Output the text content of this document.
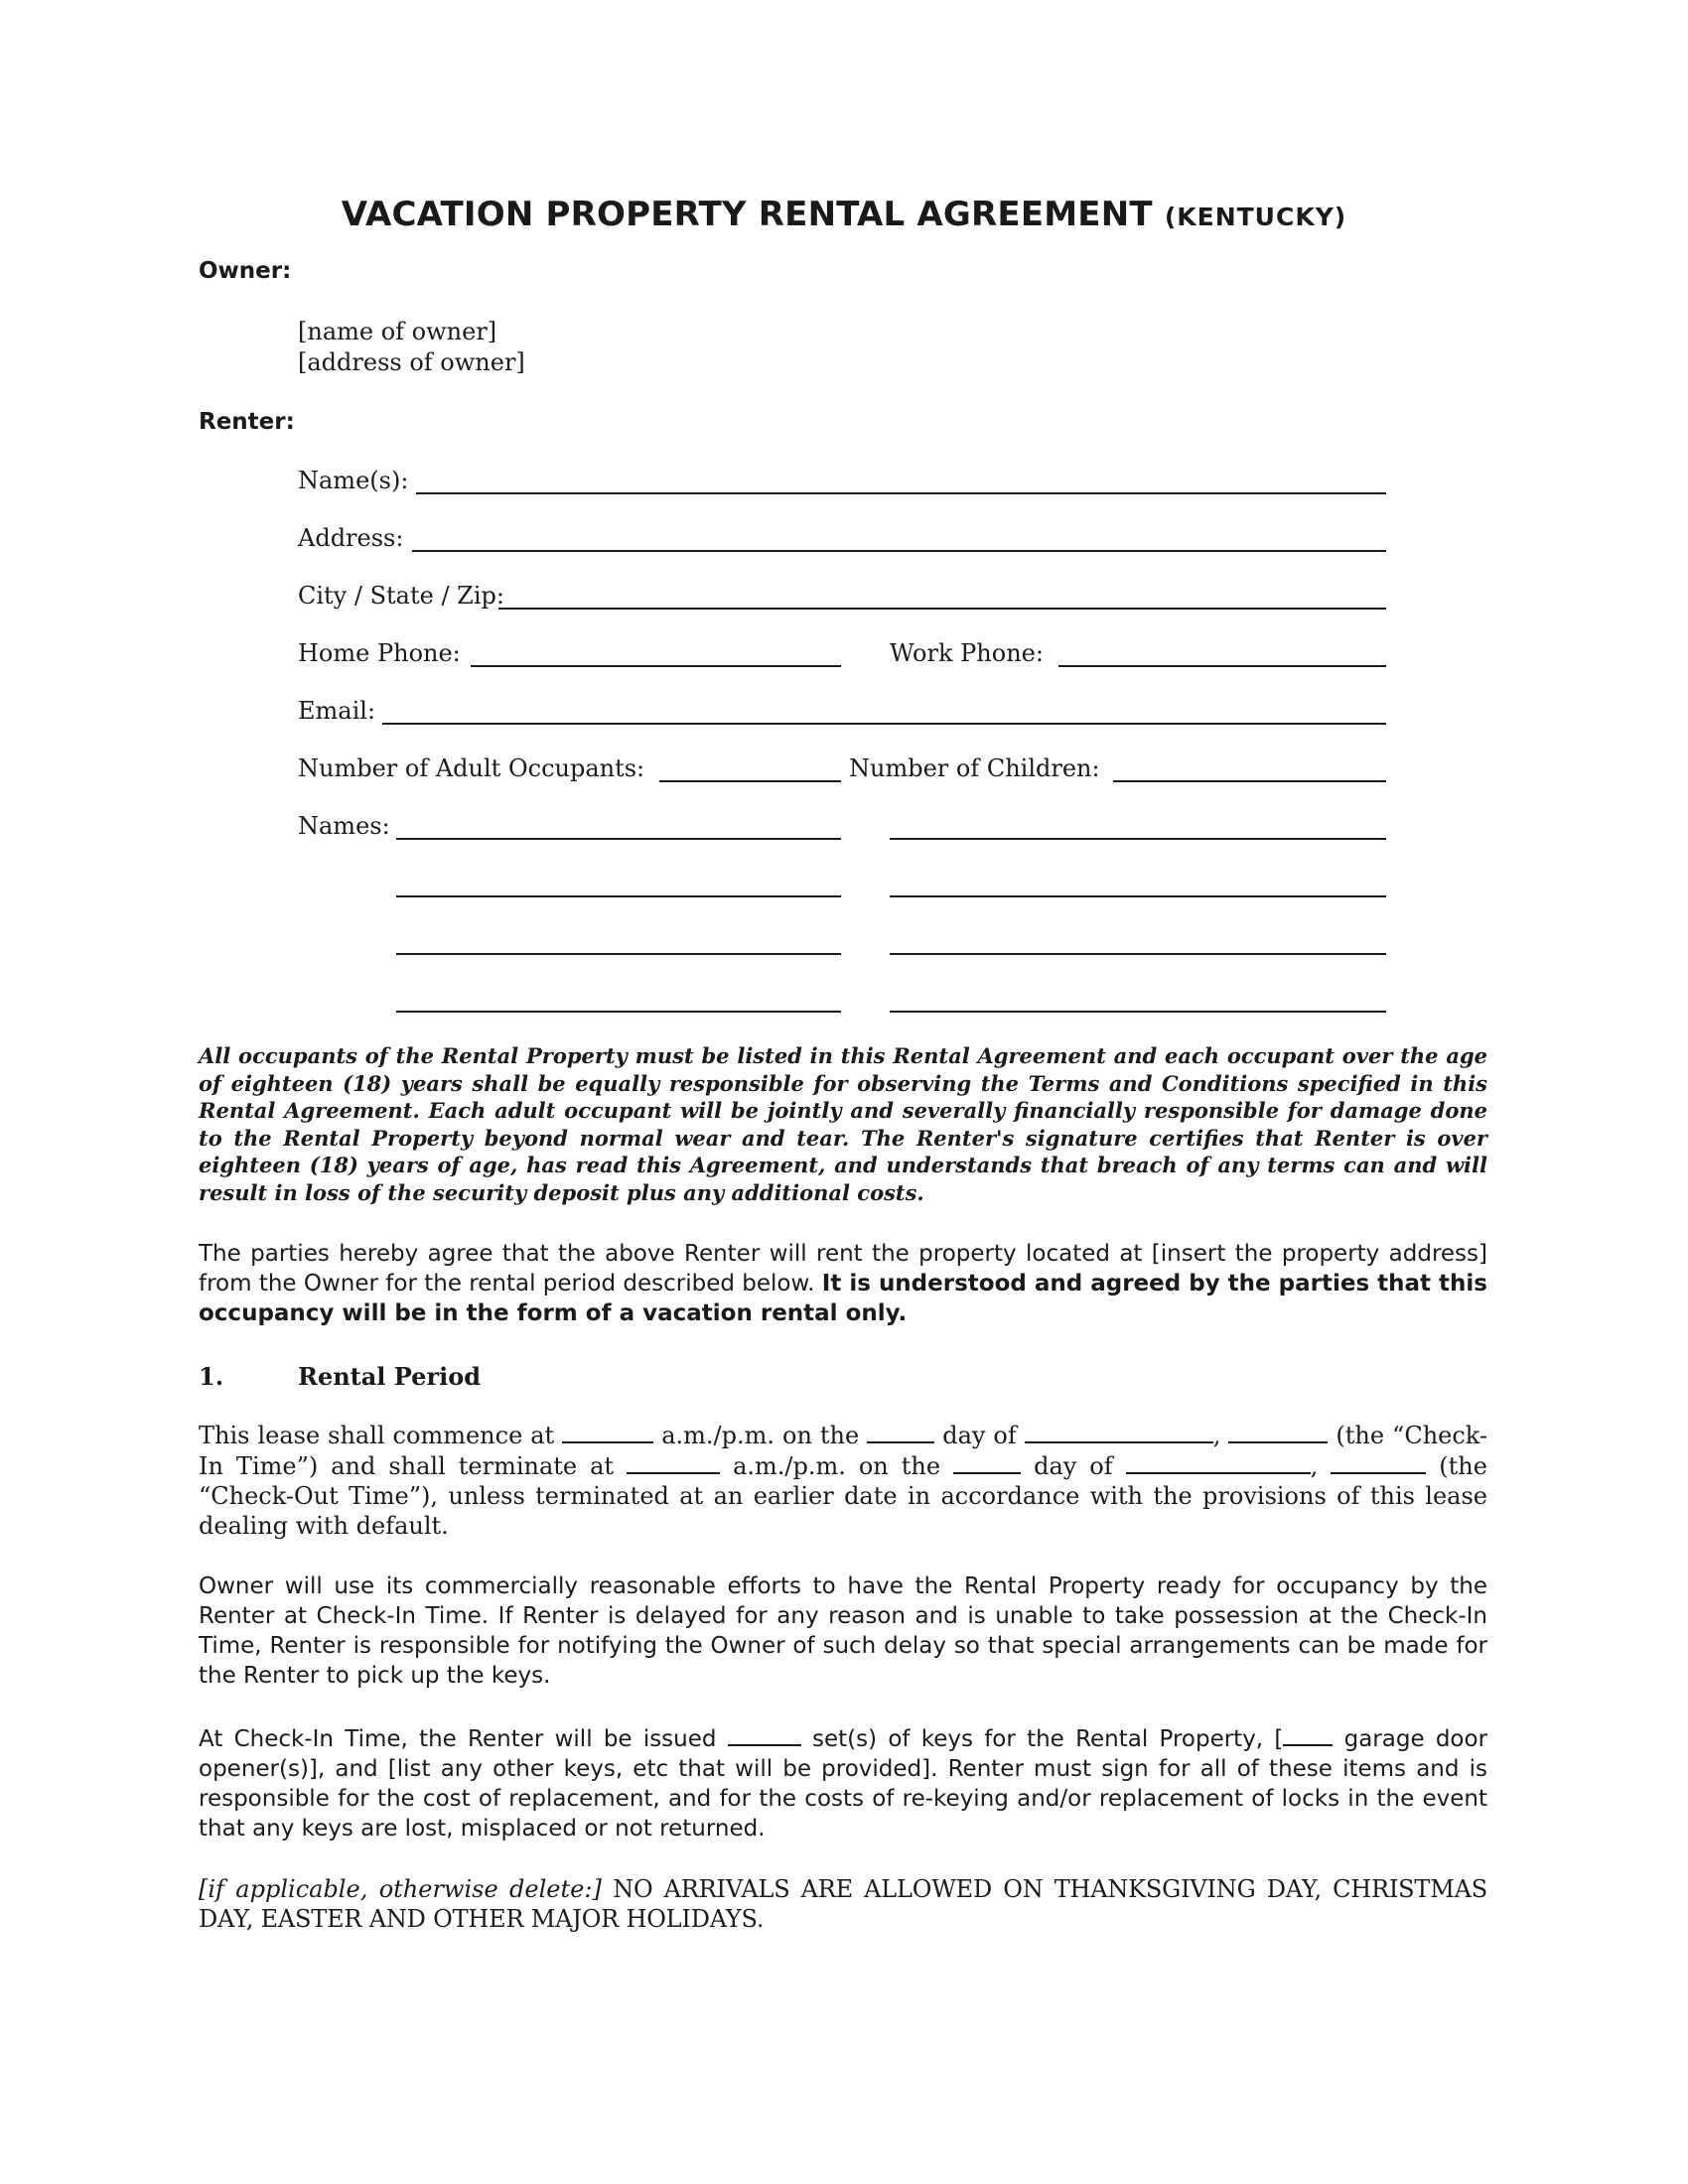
VACATION PROPERTY RENTAL AGREEMENT (KENTUCKY)
Owner:
[name of owner]
[address of owner]
Renter:
Name(s):
Address:
City / State / Zip:
Home Phone:	Work Phone:
Email:
Number of Adult Occupants:	Number of Children:
Names:

All occupants of the Rental Property must be listed in this Rental Agreement and each occupant over the age of eighteen (18) years shall be equally responsible for observing the Terms and Conditions specified in this Rental Agreement. Each adult occupant will be jointly and severally financially responsible for damage done to the Rental Property beyond normal wear and tear. The Renter's signature certifies that Renter is over eighteen (18) years of age, has read this Agreement, and understands that breach of any terms can and will result in loss of the security deposit plus any additional costs.

The parties hereby agree that the above Renter will rent the property located at [insert the property address] from the Owner for the rental period described below. It is understood and agreed by the parties that this occupancy will be in the form of a vacation rental only.

1.	Rental Period

This lease shall commence at	a.m./p.m. on the	day of	,	(the “Check-In Time”) and shall terminate at	a.m./p.m. on the	day of	,	(the “Check-Out Time”), unless terminated at an earlier date in accordance with the provisions of this lease dealing with default.

Owner will use its commercially reasonable efforts to have the Rental Property ready for occupancy by the Renter at Check-In Time. If Renter is delayed for any reason and is unable to take possession at the Check-In Time, Renter is responsible for notifying the Owner of such delay so that special arrangements can be made for the Renter to pick up the keys.

At Check-In Time, the Renter will be issued	set(s) of keys for the Rental Property, [	garage door opener(s)], and [list any other keys, etc that will be provided]. Renter must sign for all of these items and is responsible for the cost of replacement, and for the costs of re-keying and/or replacement of locks in the event that any keys are lost, misplaced or not returned.

[if applicable, otherwise delete:] NO ARRIVALS ARE ALLOWED ON THANKSGIVING DAY, CHRISTMAS DAY, EASTER AND OTHER MAJOR HOLIDAYS.
